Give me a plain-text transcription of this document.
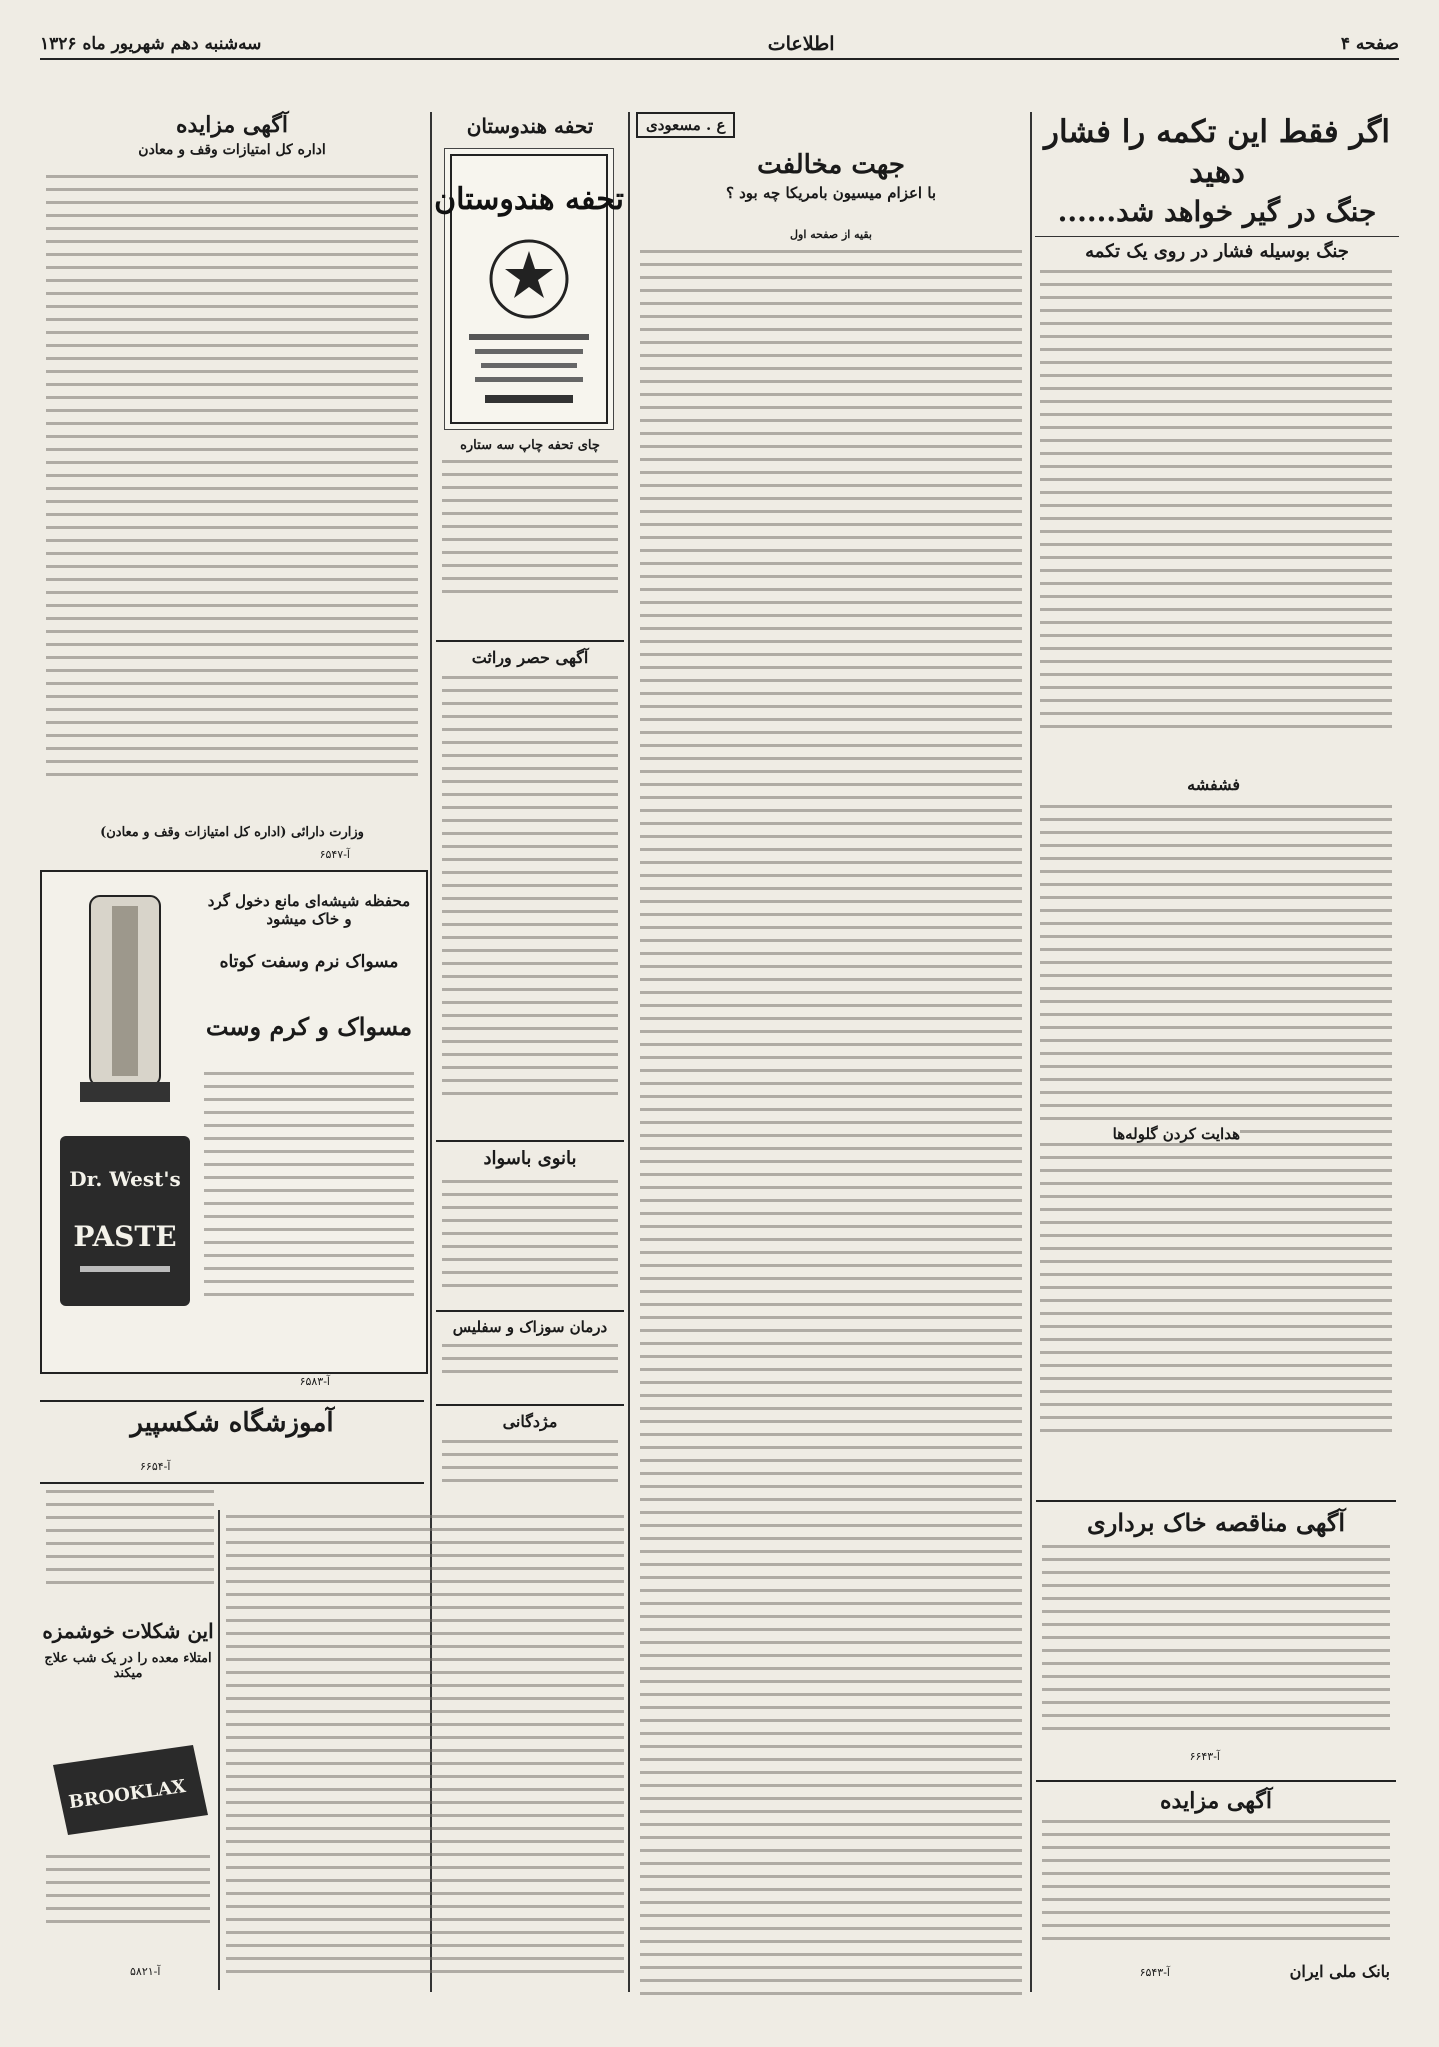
صفحه ۴
اطلاعات
سه‌شنبه دهم شهریور ماه ۱۳۲۶
اگر فقط این تکمه را فشار دهید
جنگ در گیر خواهد شد......
جنگ بوسیله فشار در روی یک تکمه
فشفشه
هدایت کردن گلوله‌ها
آگهی مناقصه خاک برداری
آ-۶۶۴۳
آگهی مزایده
بانک ملی ایران
آ-۶۵۴۳
ع . مسعودی
جهت مخالفت
با اعزام میسیون بامریکا چه بود ؟
بقیه از صفحه اول
تحفه هندوستان
تحفه هندوستان
چای تحفه چاپ سه ستاره
آگهی حصر وراثت
بانوی باسواد
درمان سوزاک و سفلیس
مژدگانی
آگهی مزایده
اداره کل امتیازات وقف و معادن
وزارت دارائی (اداره کل امتیازات وقف و معادن)
آ-۶۵۴۷
Dr. West's
PASTE
محفظه شیشه‌ای مانع دخول گرد و خاک میشود
مسواک نرم وسفت کوتاه
مسواک و کرم وست
آ-۶۵۸۳
آموزشگاه شکسپیر
آ-۶۶۵۴
این شکلات خوشمزه
امتلاء معده را در یک شب علاج میکند
BROOKLAX
آ-۵۸۲۱
